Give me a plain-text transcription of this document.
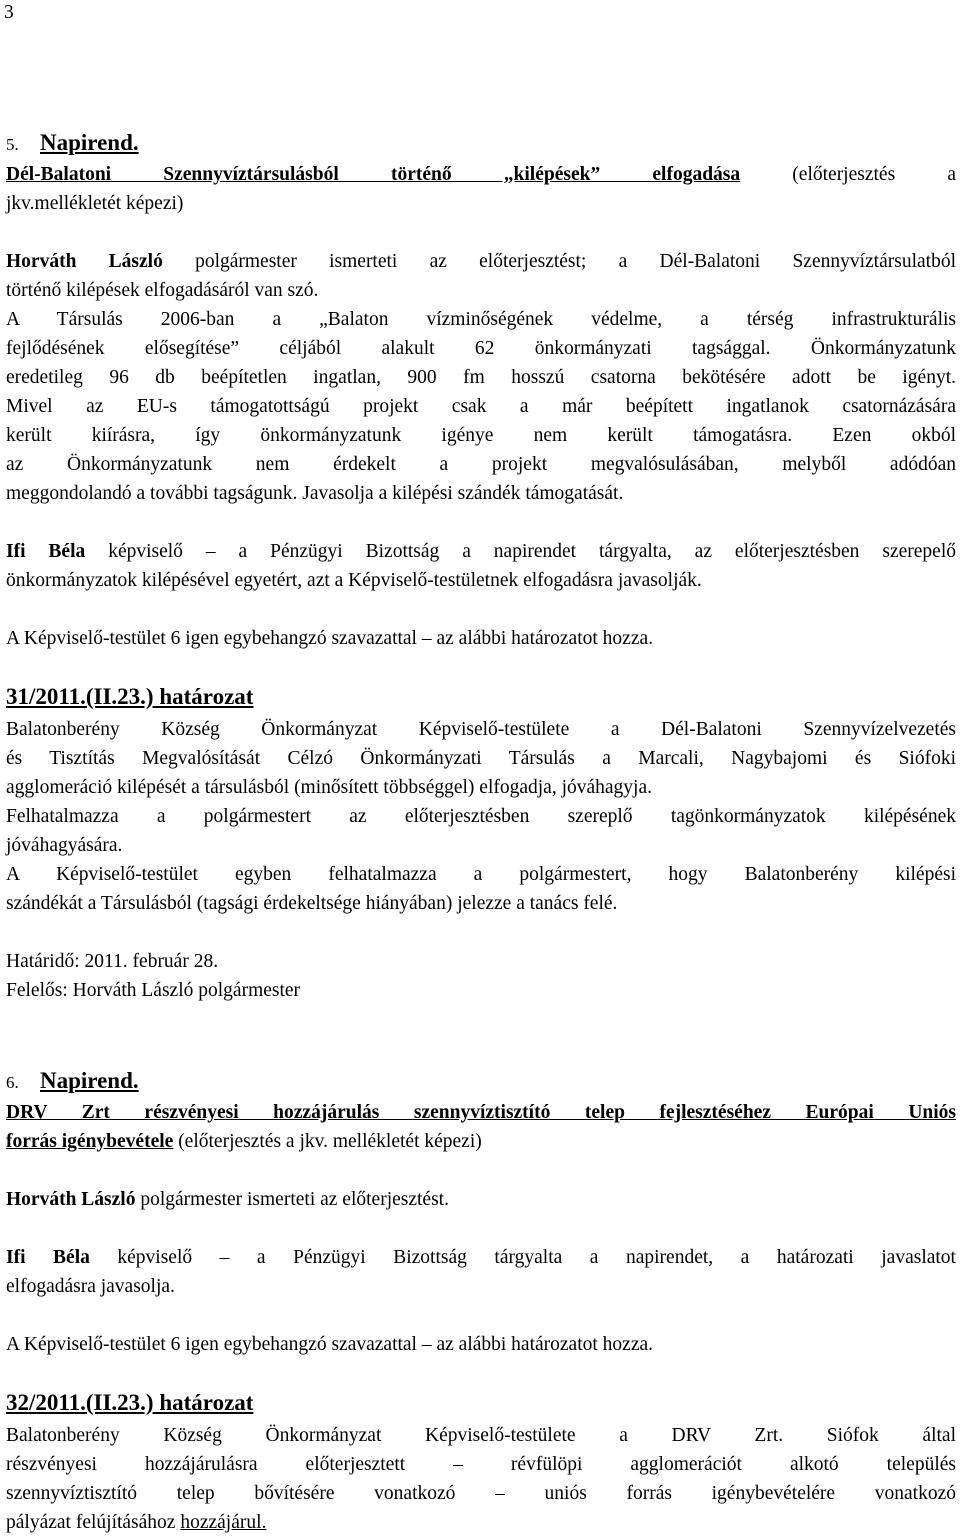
3
5. Napirend.
Dél-Balatoni Szennyvíztársulásból történő „kilépések” elfogadása (előterjesztés a
jkv.mellékletét képezi)
Horváth László polgármester ismerteti az előterjesztést; a Dél-Balatoni Szennyvíztársulatból
történő kilépések elfogadásáról van szó.
A Társulás 2006-ban a „Balaton vízminőségének védelme, a térség infrastrukturális
fejlődésének elősegítése” céljából alakult 62 önkormányzati tagsággal. Önkormányzatunk
eredetileg 96 db beépítetlen ingatlan, 900 fm hosszú csatorna bekötésére adott be igényt.
Mivel az EU-s támogatottságú projekt csak a már beépített ingatlanok csatornázására
került kiírásra, így önkormányzatunk igénye nem került támogatásra. Ezen okból
az Önkormányzatunk nem érdekelt a projekt megvalósulásában, melyből adódóan
meggondolandó a további tagságunk. Javasolja a kilépési szándék támogatását.
Ifi Béla képviselő – a Pénzügyi Bizottság a napirendet tárgyalta, az előterjesztésben szerepelő
önkormányzatok kilépésével egyetért, azt a Képviselő-testületnek elfogadásra javasolják.
A Képviselő-testület 6 igen egybehangzó szavazattal – az alábbi határozatot hozza.
31/2011.(II.23.) határozat
Balatonberény Község Önkormányzat Képviselő-testülete a Dél-Balatoni Szennyvízelvezetés
és Tisztítás Megvalósítását Célzó Önkormányzati Társulás a Marcali, Nagybajomi és Siófoki
agglomeráció kilépését a társulásból (minősített többséggel) elfogadja, jóváhagyja.
Felhatalmazza a polgármestert az előterjesztésben szereplő tagönkormányzatok kilépésének
jóváhagyására.
A Képviselő-testület egyben felhatalmazza a polgármestert, hogy Balatonberény kilépési
szándékát a Társulásból (tagsági érdekeltsége hiányában) jelezze a tanács felé.
Határidő: 2011. február 28.
Felelős: Horváth László polgármester
6. Napirend.
DRV Zrt részvényesi hozzájárulás szennyvíztisztító telep fejlesztéséhez Európai Uniós
forrás igénybevétele (előterjesztés a jkv. mellékletét képezi)
Horváth László polgármester ismerteti az előterjesztést.
Ifi Béla képviselő – a Pénzügyi Bizottság tárgyalta a napirendet, a határozati javaslatot
elfogadásra javasolja.
A Képviselő-testület 6 igen egybehangzó szavazattal – az alábbi határozatot hozza.
32/2011.(II.23.) határozat
Balatonberény Község Önkormányzat Képviselő-testülete a DRV Zrt. Siófok által
részvényesi hozzájárulásra előterjesztett – révfülöpi agglomerációt alkotó település
szennyvíztisztító telep bővítésére vonatkozó – uniós forrás igénybevételére vonatkozó
pályázat felújításához hozzájárul.
